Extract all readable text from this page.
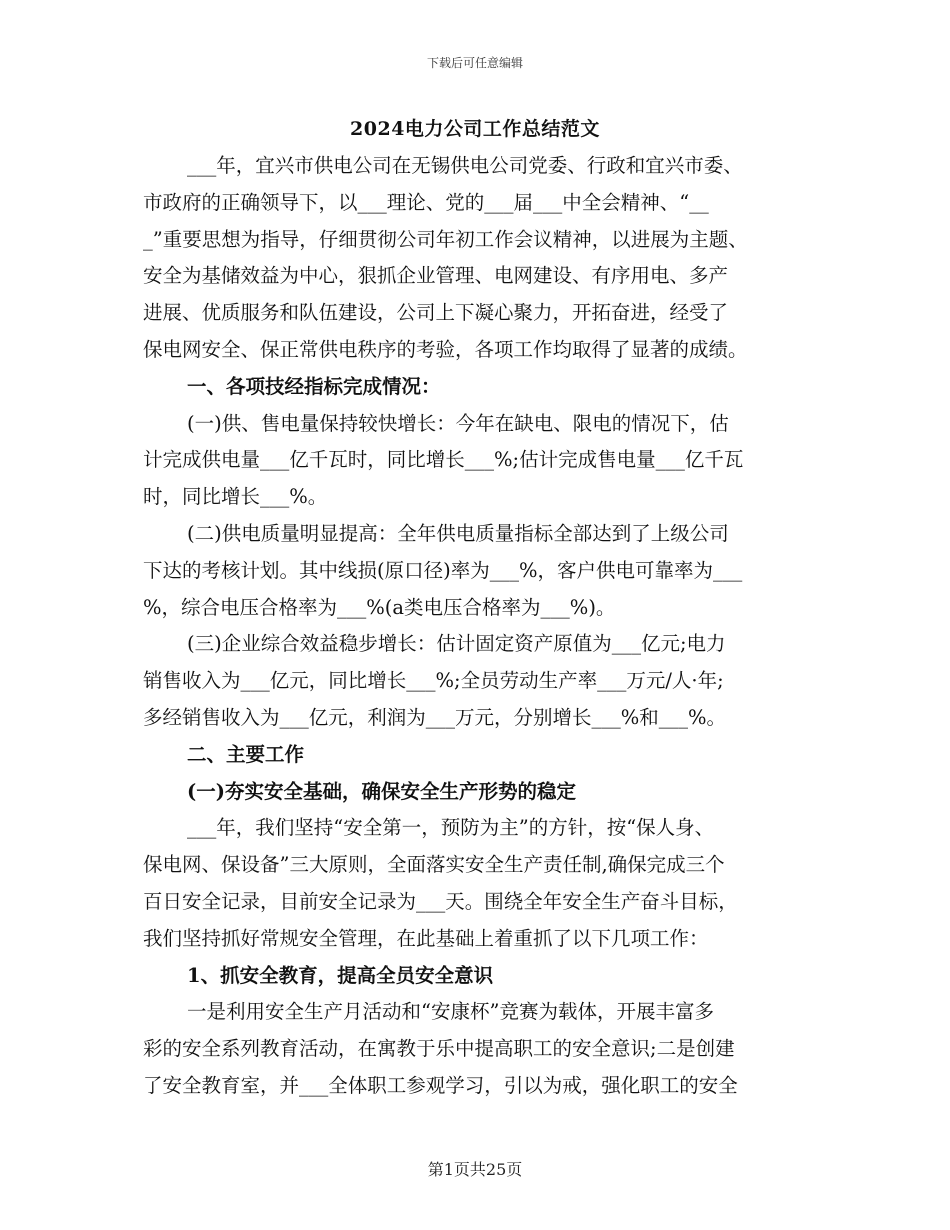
下载后可任意编辑
2024电力公司工作总结范文
___年，宜兴市供电公司在无锡供电公司党委、行政和宜兴市委、
市政府的正确领导下，以___理论、党的___届___中全会精神、“__
_”重要思想为指导，仔细贯彻公司年初工作会议精神，以进展为主题、
安全为基储效益为中心，狠抓企业管理、电网建设、有序用电、多产
进展、优质服务和队伍建设，公司上下凝心聚力，开拓奋进，经受了
保电网安全、保正常供电秩序的考验，各项工作均取得了显著的成绩。
一、各项技经指标完成情况：
(一)供、售电量保持较快增长：今年在缺电、限电的情况下，估
计完成供电量___亿千瓦时，同比增长___%;估计完成售电量___亿千瓦
时，同比增长___%。
(二)供电质量明显提高：全年供电质量指标全部达到了上级公司
下达的考核计划。其中线损(原口径)率为___%，客户供电可靠率为___
%，综合电压合格率为___%(a类电压合格率为___%)。
(三)企业综合效益稳步增长：估计固定资产原值为___亿元;电力
销售收入为___亿元，同比增长___%;全员劳动生产率___万元/人·年;
多经销售收入为___亿元，利润为___万元，分别增长___%和___%。
二、主要工作
(一)夯实安全基础，确保安全生产形势的稳定
___年，我们坚持“安全第一，预防为主”的方针，按“保人身、
保电网、保设备”三大原则，全面落实安全生产责任制,确保完成三个
百日安全记录，目前安全记录为___天。围绕全年安全生产奋斗目标，
我们坚持抓好常规安全管理，在此基础上着重抓了以下几项工作：
1、抓安全教育，提高全员安全意识
一是利用安全生产月活动和“安康杯”竞赛为载体，开展丰富多
彩的安全系列教育活动，在寓教于乐中提高职工的安全意识;二是创建
了安全教育室，并___全体职工参观学习，引以为戒，强化职工的安全
第1页共25页
